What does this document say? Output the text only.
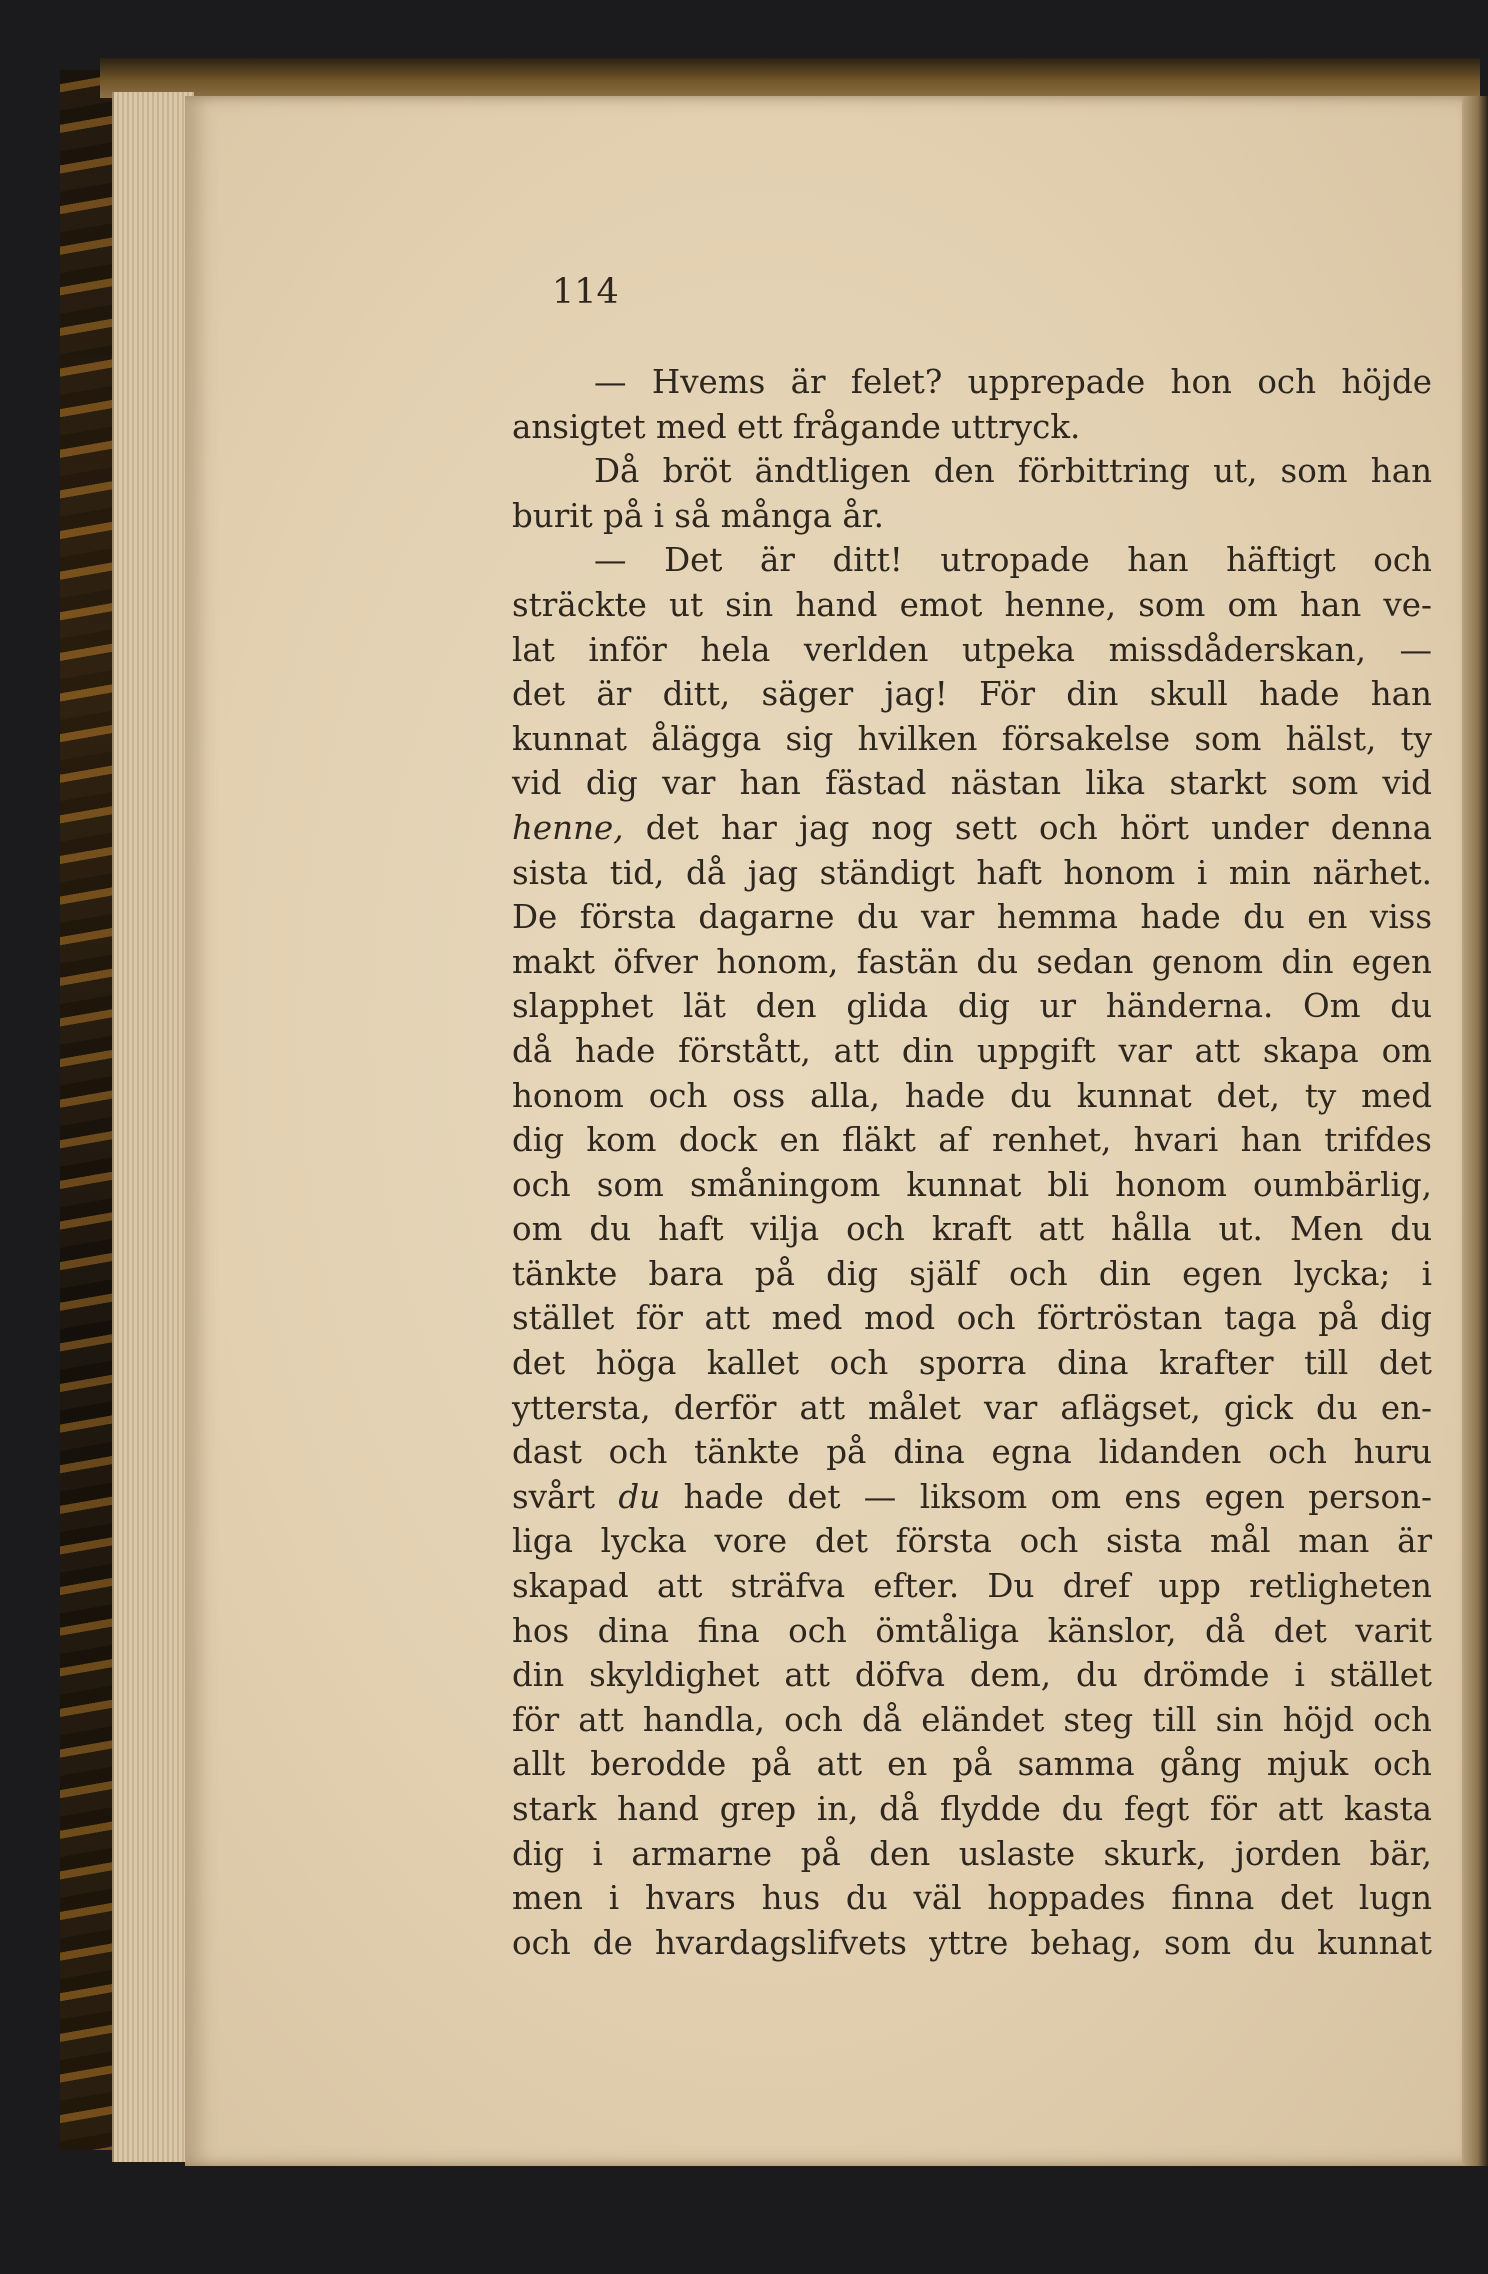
114
— Hvems är felet? upprepade hon och höjde
ansigtet med ett frågande uttryck.
Då bröt ändtligen den förbittring ut, som han
burit på i så många år.
— Det är ditt! utropade han häftigt och
sträckte ut sin hand emot henne, som om han ve-
lat inför hela verlden utpeka missdåderskan, —
det är ditt, säger jag! För din skull hade han
kunnat ålägga sig hvilken försakelse som hälst, ty
vid dig var han fästad nästan lika starkt som vid
henne, det har jag nog sett och hört under denna
sista tid, då jag ständigt haft honom i min närhet.
De första dagarne du var hemma hade du en viss
makt öfver honom, fastän du sedan genom din egen
slapphet lät den glida dig ur händerna. Om du
då hade förstått, att din uppgift var att skapa om
honom och oss alla, hade du kunnat det, ty med
dig kom dock en fläkt af renhet, hvari han trifdes
och som småningom kunnat bli honom oumbärlig,
om du haft vilja och kraft att hålla ut. Men du
tänkte bara på dig själf och din egen lycka; i
stället för att med mod och förtröstan taga på dig
det höga kallet och sporra dina krafter till det
yttersta, derför att målet var aflägset, gick du en-
dast och tänkte på dina egna lidanden och huru
svårt du hade det — liksom om ens egen person-
liga lycka vore det första och sista mål man är
skapad att sträfva efter. Du dref upp retligheten
hos dina fina och ömtåliga känslor, då det varit
din skyldighet att döfva dem, du drömde i stället
för att handla, och då eländet steg till sin höjd och
allt berodde på att en på samma gång mjuk och
stark hand grep in, då flydde du fegt för att kasta
dig i armarne på den uslaste skurk, jorden bär,
men i hvars hus du väl hoppades finna det lugn
och de hvardagslifvets yttre behag, som du kunnat
